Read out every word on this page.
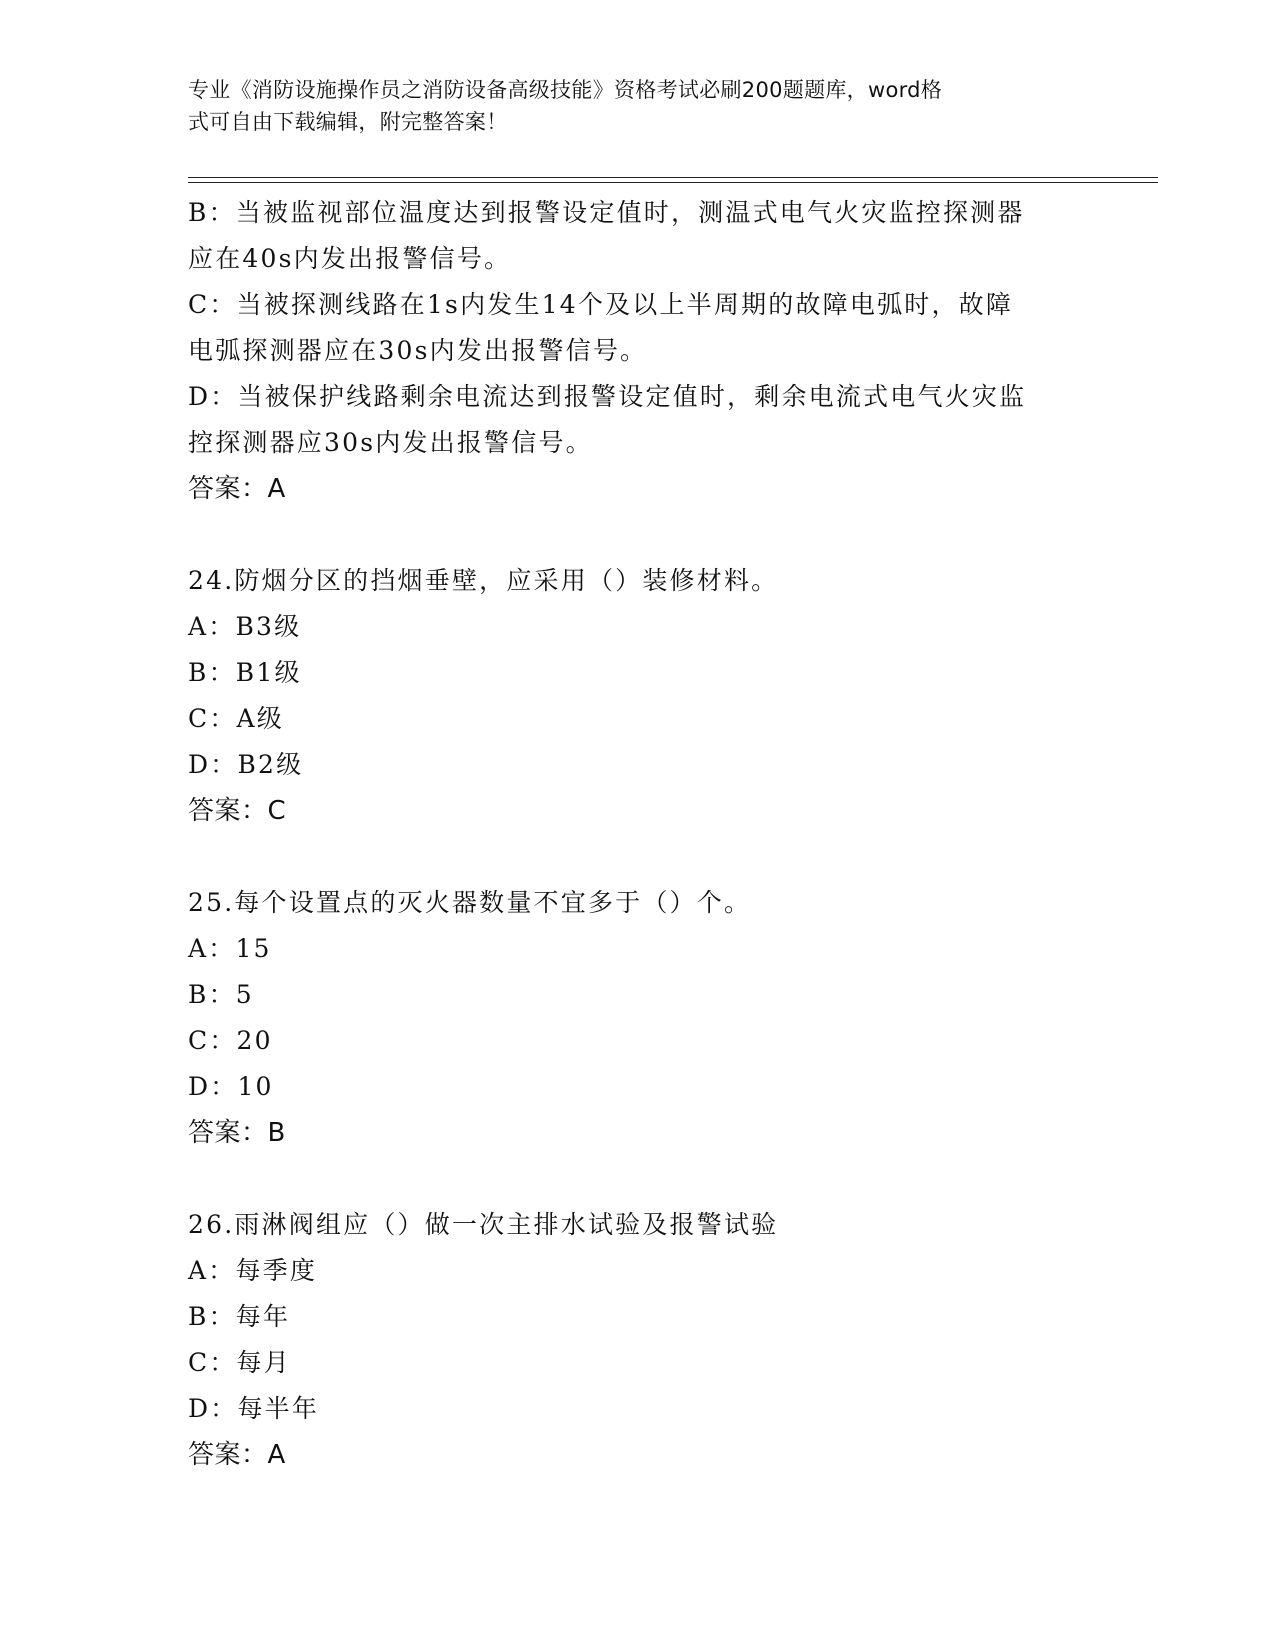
专业《消防设施操作员之消防设备高级技能》资格考试必刷200题题库，word格
式可自由下载编辑，附完整答案！
B：当被监视部位温度达到报警设定值时，测温式电气火灾监控探测器
应在40s内发出报警信号。
C：当被探测线路在1s内发生14个及以上半周期的故障电弧时，故障
电弧探测器应在30s内发出报警信号。
D：当被保护线路剩余电流达到报警设定值时，剩余电流式电气火灾监
控探测器应30s内发出报警信号。
答案：A
24.防烟分区的挡烟垂壁，应采用（）装修材料。
A：B3级
B：B1级
C：A级
D：B2级
答案：C
25.每个设置点的灭火器数量不宜多于（）个。
A：15
B：5
C：20
D：10
答案：B
26.雨淋阀组应（）做一次主排水试验及报警试验
A：每季度
B：每年
C：每月
D：每半年
答案：A
